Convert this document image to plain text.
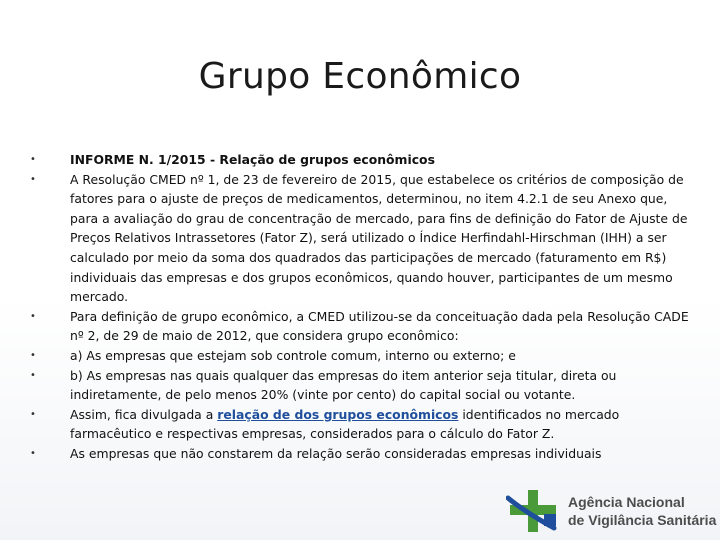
Grupo Econômico
•	INFORME N. 1/2015 - Relação de grupos econômicos
•	A Resolução CMED nº 1, de 23 de fevereiro de 2015, que estabelece os critérios de composição de fatores para o ajuste de preços de medicamentos, determinou, no item 4.2.1 de seu Anexo que, para a avaliação do grau de concentração de mercado, para fins de definição do Fator de Ajuste de Preços Relativos Intrassetores (Fator Z), será utilizado o Índice Herfindahl-Hirschman (IHH) a ser calculado por meio da soma dos quadrados das participações de mercado (faturamento em R$) individuais das empresas e dos grupos econômicos, quando houver, participantes de um mesmo mercado.
•	Para definição de grupo econômico, a CMED utilizou-se da conceituação dada pela Resolução CADE nº 2, de 29 de maio de 2012, que considera grupo econômico:
•	a) As empresas que estejam sob controle comum, interno ou externo; e
•	b) As empresas nas quais qualquer das empresas do item anterior seja titular, direta ou indiretamente, de pelo menos 20% (vinte por cento) do capital social ou votante.
•	Assim, fica divulgada a relação de dos grupos econômicos identificados no mercado farmacêutico e respectivas empresas, considerados para o cálculo do Fator Z.
•	As empresas que não constarem da relação serão consideradas empresas individuais
Agência Nacional
de Vigilância Sanitária
